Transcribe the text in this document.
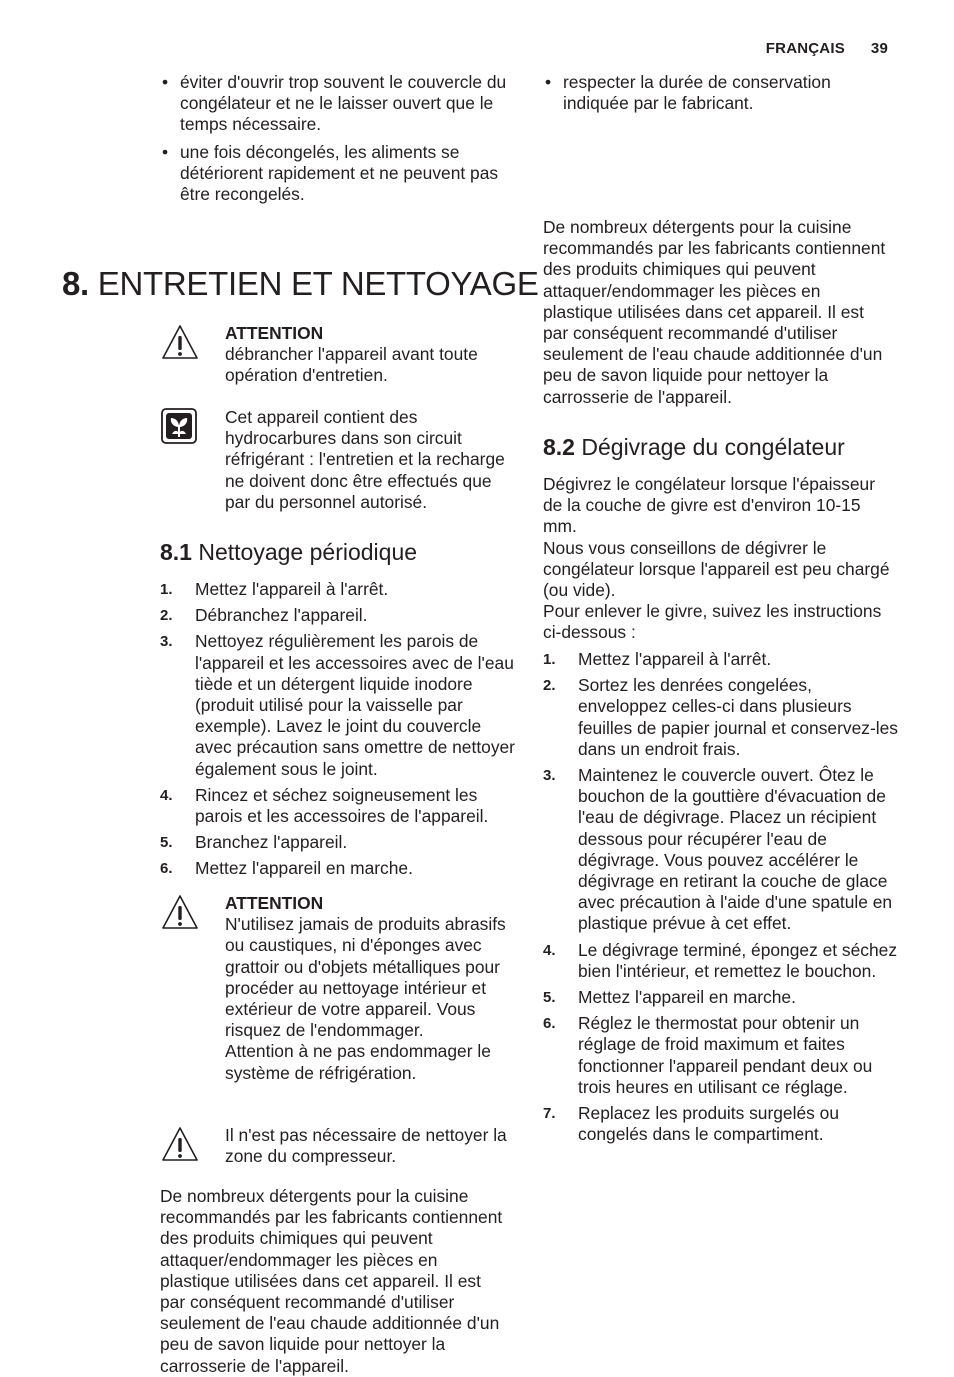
FRANÇAIS 39
• éviter d'ouvrir trop souvent le couvercle du congélateur et ne le laisser ouvert que le temps nécessaire.
• une fois décongelés, les aliments se détériorent rapidement et ne peuvent pas être recongelés.
• respecter la durée de conservation indiquée par le fabricant.
8. ENTRETIEN ET NETTOYAGE
ATTENTION
débrancher l'appareil avant toute opération d'entretien.
Cet appareil contient des hydrocarbures dans son circuit réfrigérant : l'entretien et la recharge ne doivent donc être effectués que par du personnel autorisé.
8.1 Nettoyage périodique
1. Mettez l'appareil à l'arrêt.
2. Débranchez l'appareil.
3. Nettoyez régulièrement les parois de l'appareil et les accessoires avec de l'eau tiède et un détergent liquide inodore (produit utilisé pour la vaisselle par exemple). Lavez le joint du couvercle avec précaution sans omettre de nettoyer également sous le joint.
4. Rincez et séchez soigneusement les parois et les accessoires de l'appareil.
5. Branchez l'appareil.
6. Mettez l'appareil en marche.
ATTENTION
N'utilisez jamais de produits abrasifs ou caustiques, ni d'éponges avec grattoir ou d'objets métalliques pour procéder au nettoyage intérieur et extérieur de votre appareil. Vous risquez de l'endommager.
Attention à ne pas endommager le système de réfrigération.
Il n'est pas nécessaire de nettoyer la zone du compresseur.
De nombreux détergents pour la cuisine recommandés par les fabricants contiennent des produits chimiques qui peuvent attaquer/endommager les pièces en plastique utilisées dans cet appareil. Il est par conséquent recommandé d'utiliser seulement de l'eau chaude additionnée d'un peu de savon liquide pour nettoyer la carrosserie de l'appareil.
De nombreux détergents pour la cuisine recommandés par les fabricants contiennent des produits chimiques qui peuvent attaquer/endommager les pièces en plastique utilisées dans cet appareil. Il est par conséquent recommandé d'utiliser seulement de l'eau chaude additionnée d'un peu de savon liquide pour nettoyer la carrosserie de l'appareil.
8.2 Dégivrage du congélateur
Dégivrez le congélateur lorsque l'épaisseur de la couche de givre est d'environ 10-15 mm.
Nous vous conseillons de dégivrer le congélateur lorsque l'appareil est peu chargé (ou vide).
Pour enlever le givre, suivez les instructions ci-dessous :
1. Mettez l'appareil à l'arrêt.
2. Sortez les denrées congelées, enveloppez celles-ci dans plusieurs feuilles de papier journal et conservez-les dans un endroit frais.
3. Maintenez le couvercle ouvert. Ôtez le bouchon de la gouttière d'évacuation de l'eau de dégivrage. Placez un récipient dessous pour récupérer l'eau de dégivrage. Vous pouvez accélérer le dégivrage en retirant la couche de glace avec précaution à l'aide d'une spatule en plastique prévue à cet effet.
4. Le dégivrage terminé, épongez et séchez bien l'intérieur, et remettez le bouchon.
5. Mettez l'appareil en marche.
6. Réglez le thermostat pour obtenir un réglage de froid maximum et faites fonctionner l'appareil pendant deux ou trois heures en utilisant ce réglage.
7. Replacez les produits surgelés ou congelés dans le compartiment.
